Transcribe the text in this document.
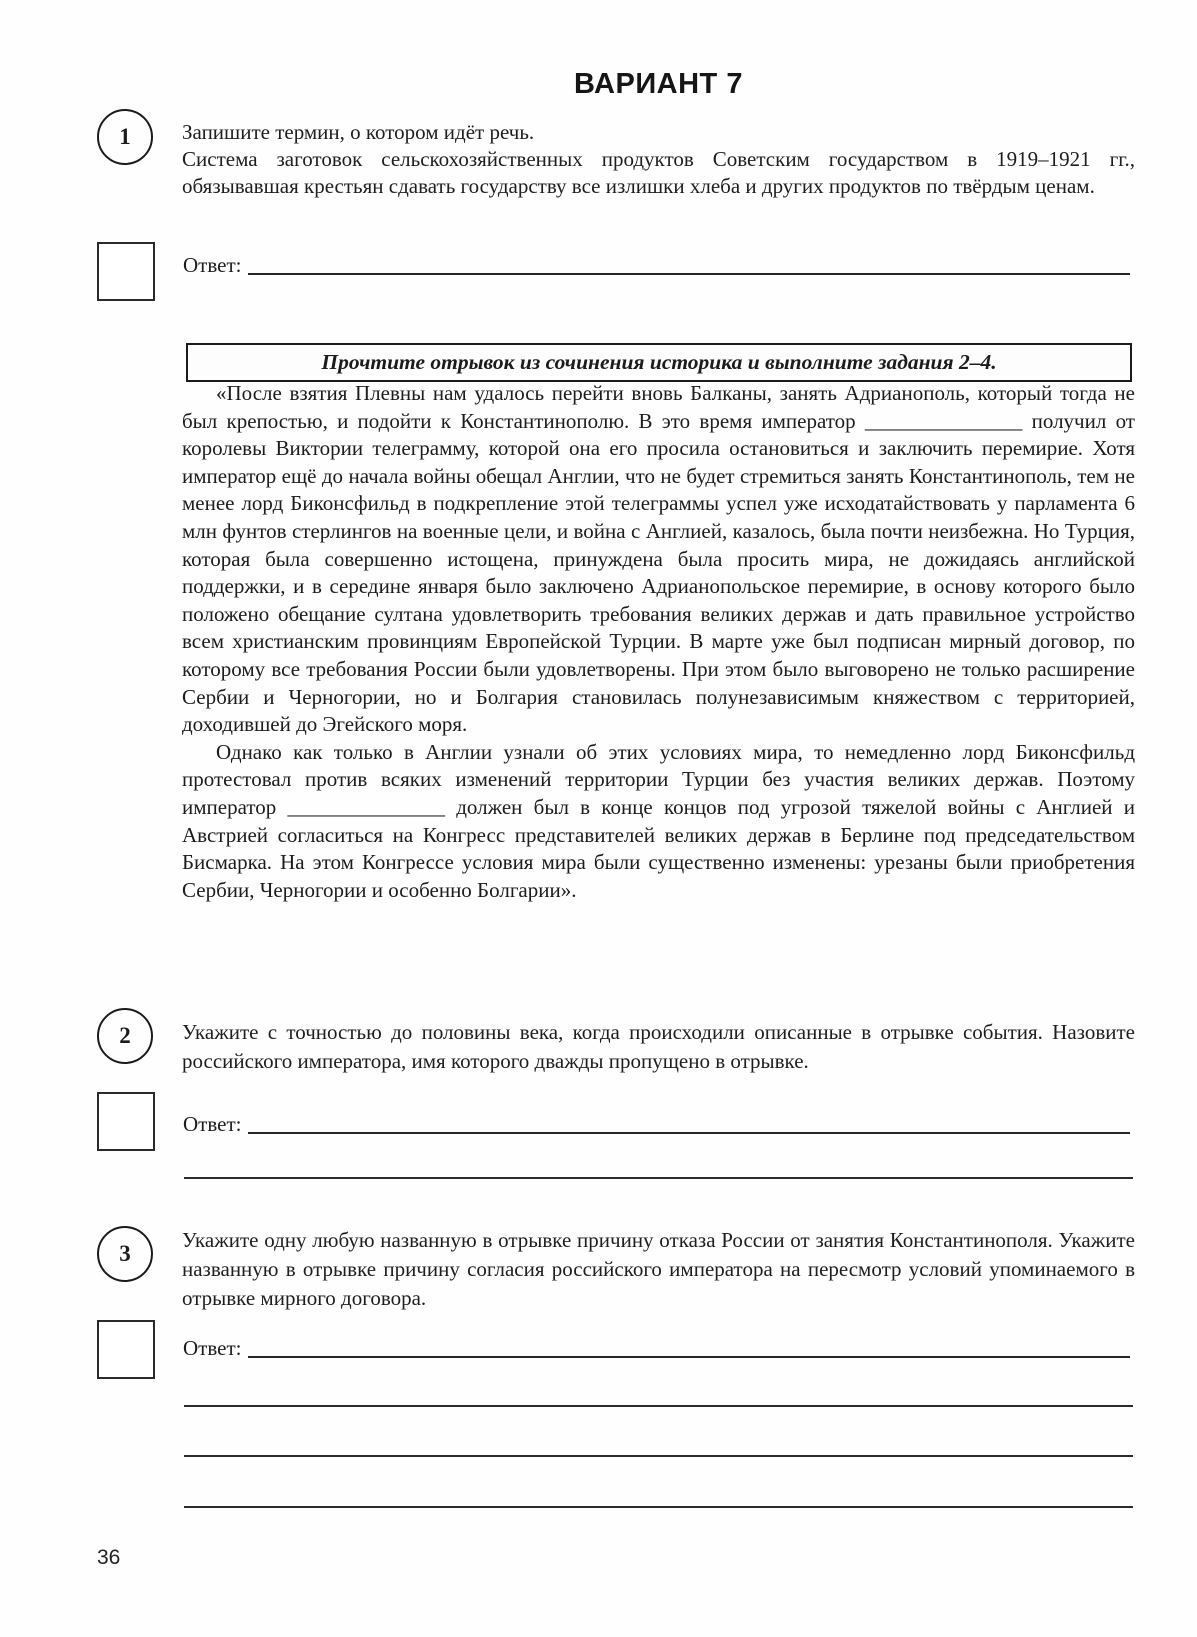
ВАРИАНТ 7
1 Запишите термин, о котором идёт речь.
Система заготовок сельскохозяйственных продуктов Советским государством в 1919–1921 гг., обязывавшая крестьян сдавать государству все излишки хлеба и других продуктов по твёрдым ценам.
Ответ:
Прочтите отрывок из сочинения историка и выполните задания 2–4.

«После взятия Плевны нам удалось перейти вновь Балканы, занять Адрианополь, который тогда не был крепостью, и подойти к Константинополю. В это время император _______________ получил от королевы Виктории телеграмму, которой она его просила остановиться и заключить перемирие. Хотя император ещё до начала войны обещал Англии, что не будет стремиться занять Константинополь, тем не менее лорд Биконсфильд в подкрепление этой телеграммы успел уже исходатайствовать у парламента 6 млн фунтов стерлингов на военные цели, и война с Англией, казалось, была почти неизбежна. Но Турция, которая была совершенно истощена, принуждена была просить мира, не дожидаясь английской поддержки, и в середине января было заключено Адрианопольское перемирие, в основу которого было положено обещание султана удовлетворить требования великих держав и дать правильное устройство всем христианским провинциям Европейской Турции. В марте уже был подписан мирный договор, по которому все требования России были удовлетворены. При этом было выговорено не только расширение Сербии и Черногории, но и Болгария становилась полунезависимым княжеством с территорией, доходившей до Эгейского моря.

Однако как только в Англии узнали об этих условиях мира, то немедленно лорд Биконсфильд протестовал против всяких изменений территории Турции без участия великих держав. Поэтому император _______________ должен был в конце концов под угрозой тяжелой войны с Англией и Австрией согласиться на Конгресс представителей великих держав в Берлине под председательством Бисмарка. На этом Конгрессе условия мира были существенно изменены: урезаны были приобретения Сербии, Черногории и особенно Болгарии».

2 Укажите с точностью до половины века, когда происходили описанные в отрывке события. Назовите российского императора, имя которого дважды пропущено в отрывке.
Ответ:
3
Укажите одну любую названную в отрывке причину отказа России от занятия Константинополя. Укажите названную в отрывке причину согласия российского императора на пересмотр условий упоминаемого в отрывке мирного договора.
Ответ:
36
